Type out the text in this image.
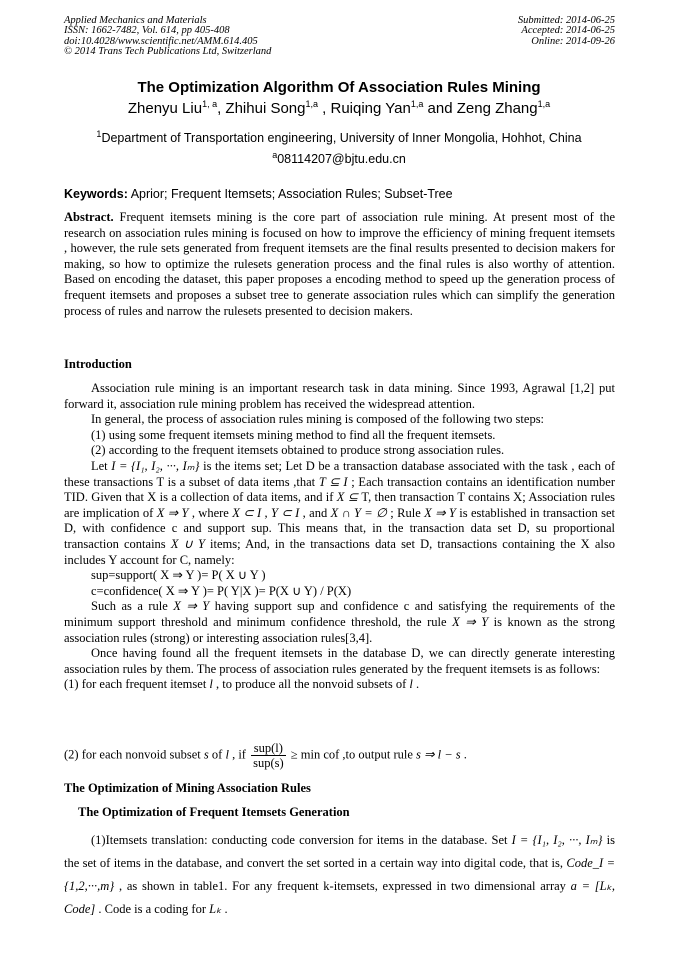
Applied Mechanics and Materials
ISSN: 1662-7482, Vol. 614, pp 405-408
doi:10.4028/www.scientific.net/AMM.614.405
© 2014 Trans Tech Publications Ltd, Switzerland
Submitted: 2014-06-25
Accepted: 2014-06-25
Online: 2014-09-26
The Optimization Algorithm Of Association Rules Mining
Zhenyu Liu$^{1, a}$, Zhihui Song$^{1,a}$ , Ruiqing Yan$^{1,a}$ and Zeng Zhang$^{1,a}$
$^1$Department of Transportation engineering, University of Inner Mongolia, Hohhot, China
$^a$08114207@bjtu.edu.cn
Keywords: Aprior; Frequent Itemsets; Association Rules; Subset-Tree
Abstract. Frequent itemsets mining is the core part of association rule mining. At present most of the research on association rules mining is focused on how to improve the efficiency of mining frequent itemsets , however, the rule sets generated from frequent itemsets are the final results presented to decision makers for making, so how to optimize the rulesets generation process and the final rules is also worthy of attention. Based on encoding the dataset, this paper proposes a encoding method to speed up the generation process of frequent itemsets and proposes a subset tree to generate association rules which can simplify the generation process of rules and narrow the rulesets presented to decision makers.
Introduction

Association rule mining is an important research task in data mining. Since 1993, Agrawal [1,2] put forward it, association rule mining problem has received the widespread attention.

In general, the process of association rules mining is composed of the following two steps:

(1) using some frequent itemsets mining method to find all the frequent itemsets.

(2) according to the frequent itemsets obtained to produce strong association rules.

Let I = {I₁, I₂, ···, Iₘ} is the items set; Let D be a transaction database associated with the task , each of these transactions T is a subset of data items ,that T ⊆ I ; Each transaction contains an identification number TID. Given that X is a collection of data items, and if X ⊆ T, then transaction T contains X; Association rules are implication of X ⇒ Y , where X ⊂ I , Y ⊂ I , and X ∩ Y = ∅ ; Rule X ⇒ Y is established in transaction set D, with confidence c and support sup. This means that, in the transaction data set D, su proportional transaction contains X ∪ Y items; And, in the transactions data set D, transactions containing the X also includes Y account for C, namely:

sup=support( X ⇒ Y )= P( X ∪ Y )

c=confidence( X ⇒ Y )= P( Y|X )= P(X ∪ Y) / P(X)

Such as a rule X ⇒ Y having support sup and confidence c and satisfying the requirements of the minimum support threshold and minimum confidence threshold, the rule X ⇒ Y is known as the strong association rules (strong) or interesting association rules[3,4].

Once having found all the frequent itemsets in the database D, we can directly generate interesting association rules by them. The process of association rules generated by the frequent itemsets is as follows:

(1) for each frequent itemset l , to produce all the nonvoid subsets of l .

(2) for each nonvoid subset s of l , if $\frac{\text{sup(l)}}{\text{sup(s)}} \ge \min$ cof ,to output rule s ⇒ l − s .
The Optimization of Mining Association Rules
The Optimization of Frequent Itemsets Generation

(1)Itemsets translation: conducting code conversion for items in the database. Set I = {I₁, I₂, ···, Iₘ} is the set of items in the database, and convert the set sorted in a certain way into digital code, that is, Code_I = {1,2,···,m} , as shown in table1. For any frequent k-itemsets, expressed in two dimensional array a = [Lₖ, Code] . Code is a coding for Lₖ .
